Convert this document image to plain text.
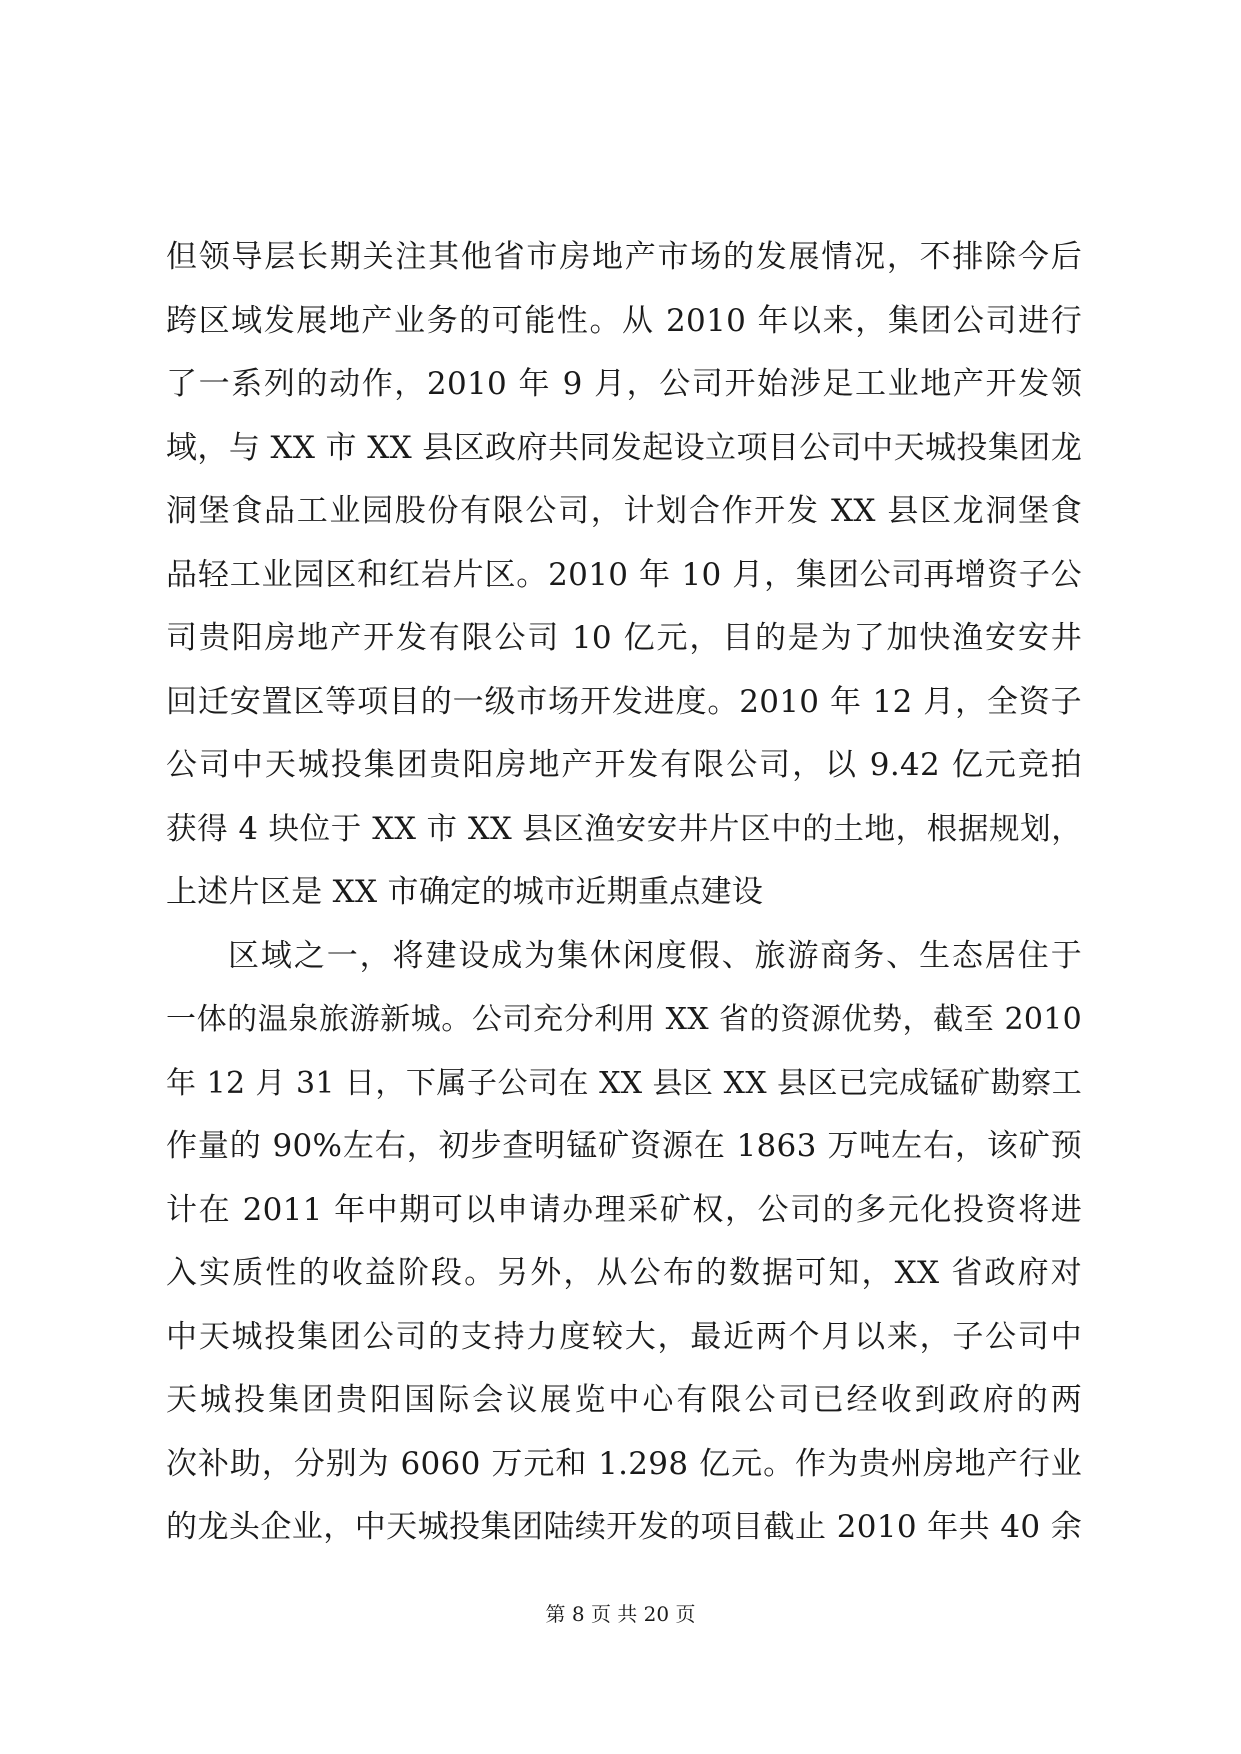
但领导层长期关注其他省市房地产市场的发展情况，不排除今后
跨区域发展地产业务的可能性。从 2010 年以来，集团公司进行
了一系列的动作，2010 年 9 月，公司开始涉足工业地产开发领
域，与 XX 市 XX 县区政府共同发起设立项目公司中天城投集团龙
洞堡食品工业园股份有限公司，计划合作开发 XX 县区龙洞堡食
品轻工业园区和红岩片区。2010 年 10 月，集团公司再增资子公
司贵阳房地产开发有限公司 10 亿元，目的是为了加快渔安安井
回迁安置区等项目的一级市场开发进度。2010 年 12 月，全资子
公司中天城投集团贵阳房地产开发有限公司，以 9.42 亿元竞拍
获得 4 块位于 XX 市 XX 县区渔安安井片区中的土地，根据规划，
上述片区是 XX 市确定的城市近期重点建设
区域之一，将建设成为集休闲度假、旅游商务、生态居住于
一体的温泉旅游新城。公司充分利用 XX 省的资源优势，截至 2010
年 12 月 31 日，下属子公司在 XX 县区 XX 县区已完成锰矿勘察工
作量的 90%左右，初步查明锰矿资源在 1863 万吨左右，该矿预
计在 2011 年中期可以申请办理采矿权，公司的多元化投资将进
入实质性的收益阶段。另外，从公布的数据可知，XX 省政府对
中天城投集团公司的支持力度较大，最近两个月以来，子公司中
天城投集团贵阳国际会议展览中心有限公司已经收到政府的两
次补助，分别为 6060 万元和 1.298 亿元。作为贵州房地产行业
的龙头企业，中天城投集团陆续开发的项目截止 2010 年共 40 余
第 8 页 共 20 页
